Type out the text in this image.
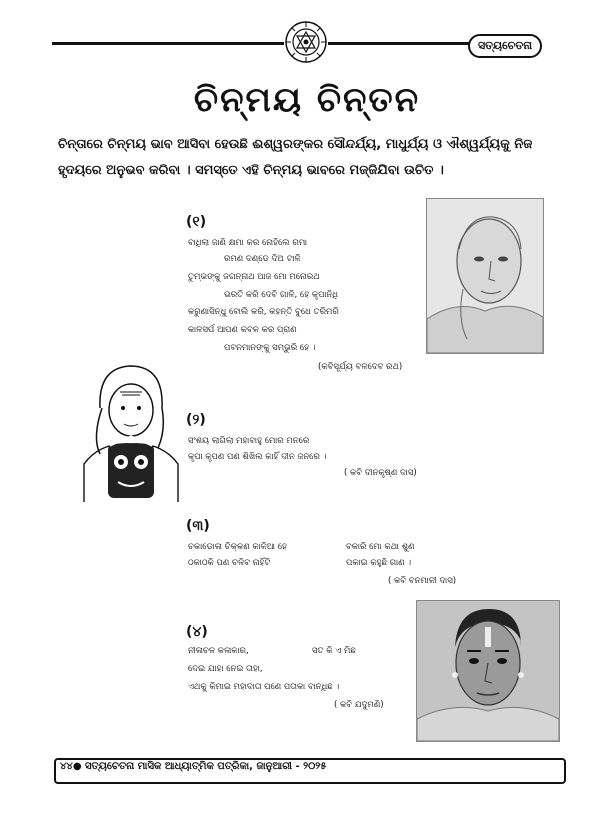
ସତ୍ୟଚେତନା
ଚିନ୍ମୟ ଚିନ୍ତନ
ଚିନ୍ତାରେ ଚିନ୍ମୟ ଭାବ ଆସିବା ହେଉଛି ଈଶ୍ୱରଙ୍କର ସୌନ୍ଦର୍ଯ୍ୟ, ମାଧୁର୍ଯ୍ୟ ଓ ଐଶ୍ୱର୍ଯ୍ୟକୁ ନିଜ ହୃଦୟରେ ଅନୁଭବ କରିବା । ସମସ୍ତେ ଏହି ଚିନ୍ମୟ ଭାବରେ ମଜ୍ଜିଯିବା ଉଚିତ ।
(୧)
ବାଧିଲା ଜାଣି କ୍ଷମା କର ନୋହିଲେ ରମା
ରମଣ ଦଣ୍ଡେ ଦିଅ ଟାଳି
ତୁମ୍ଭଙ୍କୁ ଜଗନ୍ନାଥ ଆଜ ମୋ ମନୋରଥ
ଭରତି କରି ଦେବି ଗାଳି, ହେ କୃପାନିଧି
କରୁଣାସିନ୍ଧୁ ବୋଲି କରି, କହନ୍ତି ବୁଧେ ତରିମରି
କାଳସର୍ପ ଆପଣ କବଳ କର ପ୍ରାଣ
ପବନମାନଙ୍କୁ ସମ୍ଭୁରି ହେ ।
(କବିସୂର୍ଯ୍ୟ ବଳଦେବ ରଥ)
(୨)
ସଂଶୟ ଲାଗିଲା ମହାବାହୁ ମୋର ମନରେ
କୃପା କୃପଣ ପଣ ଶିଖିଲ କାହିଁ ଦୀନ ଜନରେ ।
( କବି ଦୀନକୃଷ୍ଣ ଦାସ)
(୩)
ଚକାଡୋଳା ଚିକ୍‌କଣ କାଳିଆ ହେ	ବକାରି ମୋ କଥା ଶୁଣ
ଠକାଠକି ପଣ ଚଳିବ ନାହିଁଟି	ପକାଇ କହୁଛି ଗାଣ ।
( କବି ବନମାଳୀ ଦାସ)
(୪)
ନୀଳାଚଳ କଳାକାର,	ସତ କି ଏ ମିଛ
ଦେଇ ଯାହା ନେଇ ତାହା,
ଏଥକୁ କିମାଇ ମହାଦାତା ପଣେ ପତାକା ବାନ୍ଧିଛ ।
( କବି ଯଦୁମଣି)
୪୪● ସତ୍ୟଚେତନା ମାସିକ ଆଧ୍ୟାତ୍ମିକ ପତ୍ରିକା, ଜାନୁଆରୀ - ୨୦୨୫
